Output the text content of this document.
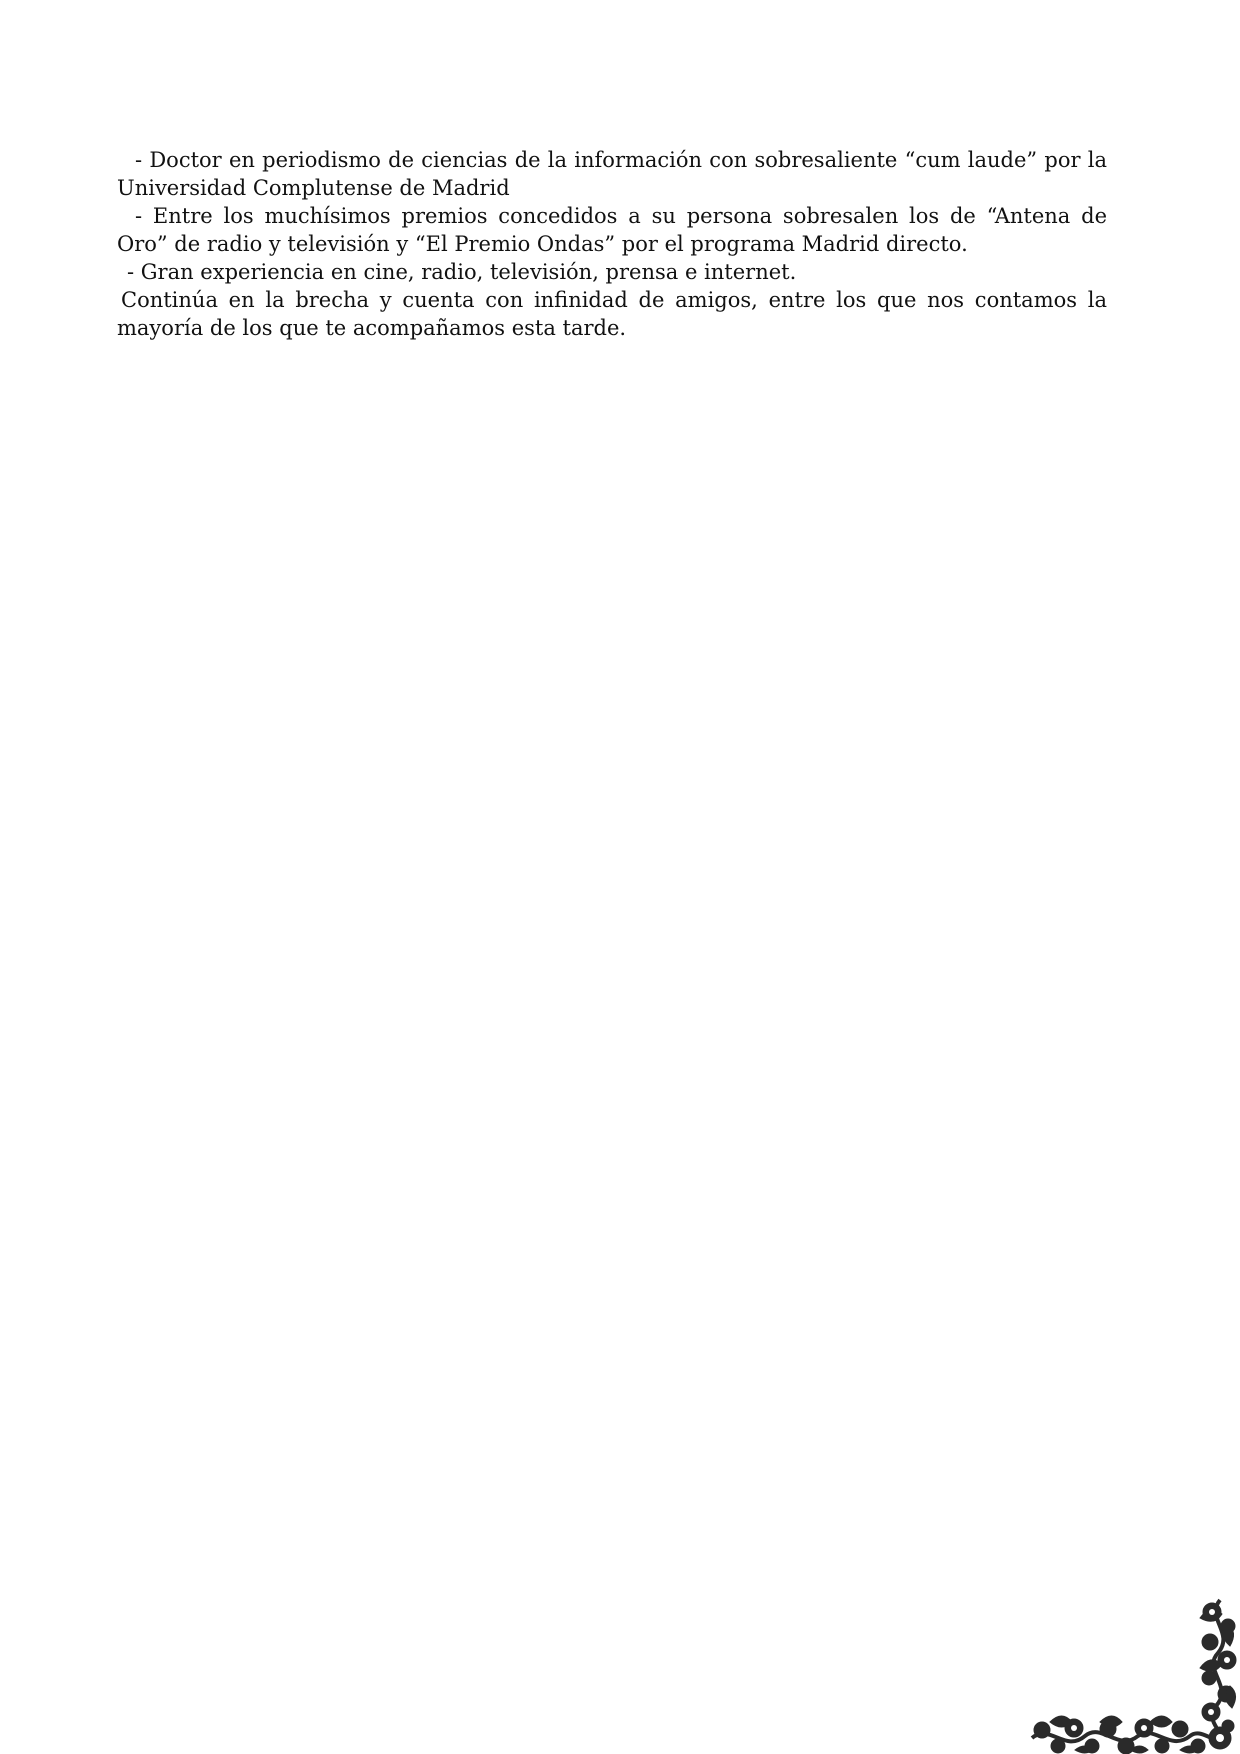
- Doctor en periodismo de ciencias de la información con sobresaliente “cum laude” por la Universidad Complutense de Madrid

- Entre los muchísimos premios concedidos a su persona sobresalen los de “Antena de Oro” de radio y televisión y “El Premio Ondas” por el programa Madrid directo.

- Gran experiencia en cine, radio, televisión, prensa e internet.

Continúa en la brecha y cuenta con infinidad de amigos, entre los que nos contamos la mayoría de los que te acompañamos esta tarde.
